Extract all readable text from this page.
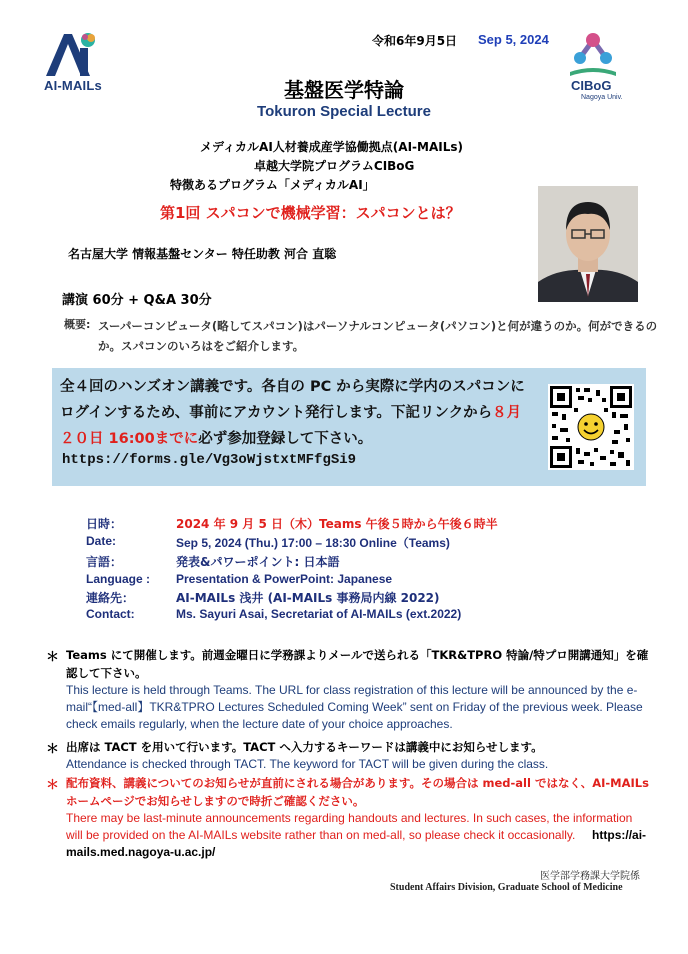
AI-MAILs	CIBoG
Nagoya Univ.
令和6年9月5日 Sep 5, 2024
基盤医学特論
Tokuron Special Lecture
メディカルAI人材養成産学協働拠点(AI-MAILs)
卓越大学院プログラムCIBoG
特徴あるプログラム「メディカルAI」
第1回 スパコンで機械学習：スパコンとは？
名古屋大学 情報基盤センター 特任助教 河合 直聡
講演 60分 + Q&A 30分
概要: スーパーコンピュータ(略してスパコン)はパーソナルコンピュータ(パソコン)と何が違うのか。何ができるのか。スパコンのいろはをご紹介します。
全４回のハンズオン講義です。各自の PC から実際に学内のスパコンにログインするため、事前にアカウント発行します。下記リンクから８月２０日 16:00までに必ず参加登録して下さい。
https://forms.gle/Vg3oWjstxtMFfgSi9
日時：	2024 年 9 月 5 日（木）Teams 午後５時から午後６時半
Date:	Sep 5, 2024 (Thu.) 17:00 – 18:30 Online（Teams)
言語：	発表&パワーポイント: 日本語
Language : Presentation & PowerPoint: Japanese
連絡先：	AI-MAILs 浅井 (AI-MAILs 事務局内線 2022)
Contact:	Ms. Sayuri Asai, Secretariat of AI-MAILs (ext.2022)
＊ Teams にて開催します。前週金曜日に学務課よりメールで送られる「TKR&TPRO 特論/特プロ開講通知」を確認して下さい。
This lecture is held through Teams. The URL for class registration of this lecture will be announced by the e-mail“【med-all】TKR&TPRO Lectures Scheduled Coming Week” sent on Friday of the previous week. Please check emails regularly, when the lecture date of your choice approaches.
＊ 出席は TACT を用いて行います。TACT へ入力するキーワードは講義中にお知らせします。
Attendance is checked through TACT. The keyword for TACT will be given during the class.
＊ 配布資料、講義についてのお知らせが直前にされる場合があります。その場合は med-all ではなく、AI-MAILs ホームページでお知らせしますので時折ご確認ください。
There may be last-minute announcements regarding handouts and lectures. In such cases, the information will be provided on the AI-MAILs website rather than on med-all, so please check it occasionally. https://ai-mails.med.nagoya-u.ac.jp/
医学部学務課大学院係
Student Affairs Division, Graduate School of Medicine
